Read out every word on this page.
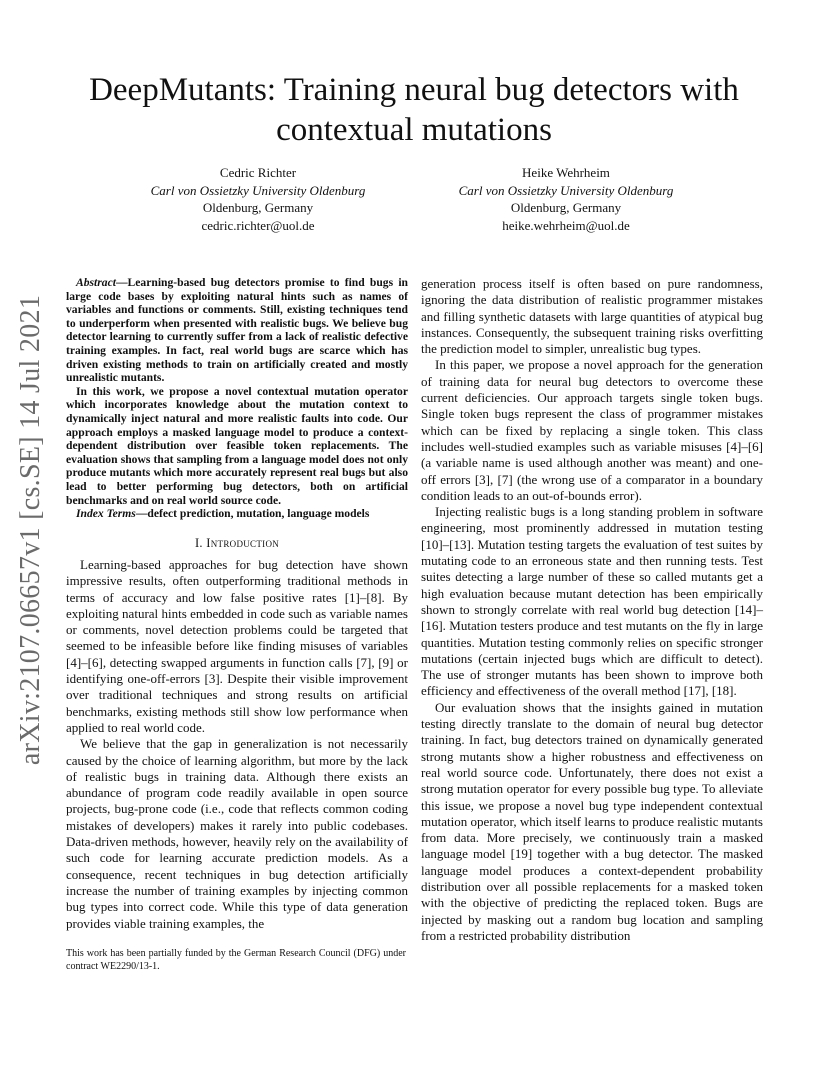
arXiv:2107.06657v1 [cs.SE] 14 Jul 2021
DeepMutants: Training neural bug detectors with
contextual mutations
Cedric Richter
Carl von Ossietzky University Oldenburg
Oldenburg, Germany
cedric.richter@uol.de
Heike Wehrheim
Carl von Ossietzky University Oldenburg
Oldenburg, Germany
heike.wehrheim@uol.de

Abstract—Learning-based bug detectors promise to find bugs in large code bases by exploiting natural hints such as names of variables and functions or comments. Still, existing techniques tend to underperform when presented with realistic bugs. We believe bug detector learning to currently suffer from a lack of realistic defective training examples. In fact, real world bugs are scarce which has driven existing methods to train on artificially created and mostly unrealistic mutants.

In this work, we propose a novel contextual mutation operator which incorporates knowledge about the mutation context to dynamically inject natural and more realistic faults into code. Our approach employs a masked language model to produce a context-dependent distribution over feasible token replacements. The evaluation shows that sampling from a language model does not only produce mutants which more accurately represent real bugs but also lead to better performing bug detectors, both on artificial benchmarks and on real world source code.

Index Terms—defect prediction, mutation, language models

I. Introduction

Learning-based approaches for bug detection have shown impressive results, often outperforming traditional methods in terms of accuracy and low false positive rates [1]–[8]. By exploiting natural hints embedded in code such as variable names or comments, novel detection problems could be targeted that seemed to be infeasible before like finding misuses of variables [4]–[6], detecting swapped arguments in function calls [7], [9] or identifying one-off-errors [3]. Despite their visible improvement over traditional techniques and strong results on artificial benchmarks, existing methods still show low performance when applied to real world code.

We believe that the gap in generalization is not necessarily caused by the choice of learning algorithm, but more by the lack of realistic bugs in training data. Although there exists an abundance of program code readily available in open source projects, bug-prone code (i.e., code that reflects common coding mistakes of developers) makes it rarely into public codebases. Data-driven methods, however, heavily rely on the availability of such code for learning accurate prediction models. As a consequence, recent techniques in bug detection artificially increase the number of training examples by injecting common bug types into correct code. While this type of data generation provides viable training examples, the

This work has been partially funded by the German Research Council (DFG) under contract WE2290/13-1.

generation process itself is often based on pure randomness, ignoring the data distribution of realistic programmer mistakes and filling synthetic datasets with large quantities of atypical bug instances. Consequently, the subsequent training risks overfitting the prediction model to simpler, unrealistic bug types.

In this paper, we propose a novel approach for the generation of training data for neural bug detectors to overcome these current deficiencies. Our approach targets single token bugs. Single token bugs represent the class of programmer mistakes which can be fixed by replacing a single token. This class includes well-studied examples such as variable misuses [4]–[6](a variable name is used although another was meant) and one-off errors [3], [7] (the wrong use of a comparator in a boundary condition leads to an out-of-bounds error).

Injecting realistic bugs is a long standing problem in software engineering, most prominently addressed in mutation testing [10]–[13]. Mutation testing targets the evaluation of test suites by mutating code to an erroneous state and then running tests. Test suites detecting a large number of these so called mutants get a high evaluation because mutant detection has been empirically shown to strongly correlate with real world bug detection [14]–[16]. Mutation testers produce and test mutants on the fly in large quantities. Mutation testing commonly relies on specific stronger mutations (certain injected bugs which are difficult to detect). The use of stronger mutants has been shown to improve both efficiency and effectiveness of the overall method [17], [18].

Our evaluation shows that the insights gained in mutation testing directly translate to the domain of neural bug detector training. In fact, bug detectors trained on dynamically generated strong mutants show a higher robustness and effectiveness on real world source code. Unfortunately, there does not exist a strong mutation operator for every possible bug type. To alleviate this issue, we propose a novel bug type independent contextual mutation operator, which itself learns to produce realistic mutants from data. More precisely, we continuously train a masked language model [19] together with a bug detector. The masked language model produces a context-dependent probability distribution over all possible replacements for a masked token with the objective of predicting the replaced token. Bugs are injected by masking out a random bug location and sampling from a restricted probability distribution
